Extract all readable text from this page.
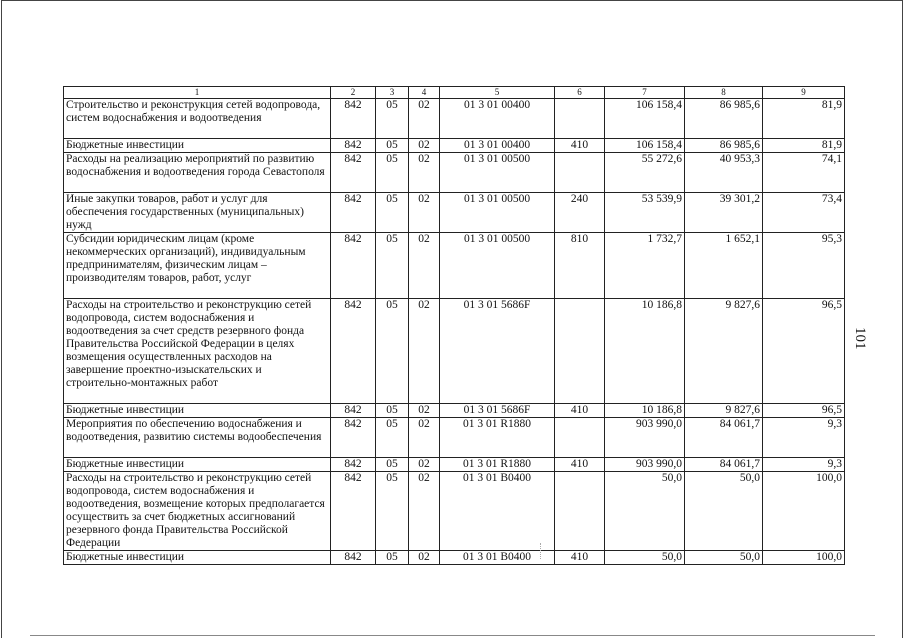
1	2	3	4	5	6	7	8	9
Строительство и реконструкция сетей водопровода, систем водоснабжения и водоотведения	842	05	02	01 3 01 00400		106 158,4	86 985,6	81,9
Бюджетные инвестиции	842	05	02	01 3 01 00400	410	106 158,4	86 985,6	81,9
Расходы на реализацию мероприятий по развитию водоснабжения и водоотведения города Севастополя	842	05	02	01 3 01 00500		55 272,6	40 953,3	74,1
Иные закупки товаров, работ и услуг для обеспечения государственных (муниципальных) нужд	842	05	02	01 3 01 00500	240	53 539,9	39 301,2	73,4
Субсидии юридическим лицам (кроме некоммерческих организаций), индивидуальным предпринимателям, физическим лицам – производителям товаров, работ, услуг	842	05	02	01 3 01 00500	810	1 732,7	1 652,1	95,3
Расходы на строительство и реконструкцию сетей водопровода, систем водоснабжения и водоотведения за счет средств резервного фонда Правительства Российской Федерации в целях возмещения осуществленных расходов на завершение проектно-изыскательских и строительно-монтажных работ	842	05	02	01 3 01 5686F		10 186,8	9 827,6	96,5
Бюджетные инвестиции	842	05	02	01 3 01 5686F	410	10 186,8	9 827,6	96,5
Мероприятия по обеспечению водоснабжения и водоотведения, развитию системы водообеспечения	842	05	02	01 3 01 R1880		903 990,0	84 061,7	9,3
Бюджетные инвестиции	842	05	02	01 3 01 R1880	410	903 990,0	84 061,7	9,3
Расходы на строительство и реконструкцию сетей водопровода, систем водоснабжения и водоотведения, возмещение которых предполагается осуществить за счет бюджетных ассигнований резервного фонда Правительства Российской Федерации	842	05	02	01 3 01 B0400		50,0	50,0	100,0
Бюджетные инвестиции	842	05	02	01 3 01 B0400	410	50,0	50,0	100,0
101
